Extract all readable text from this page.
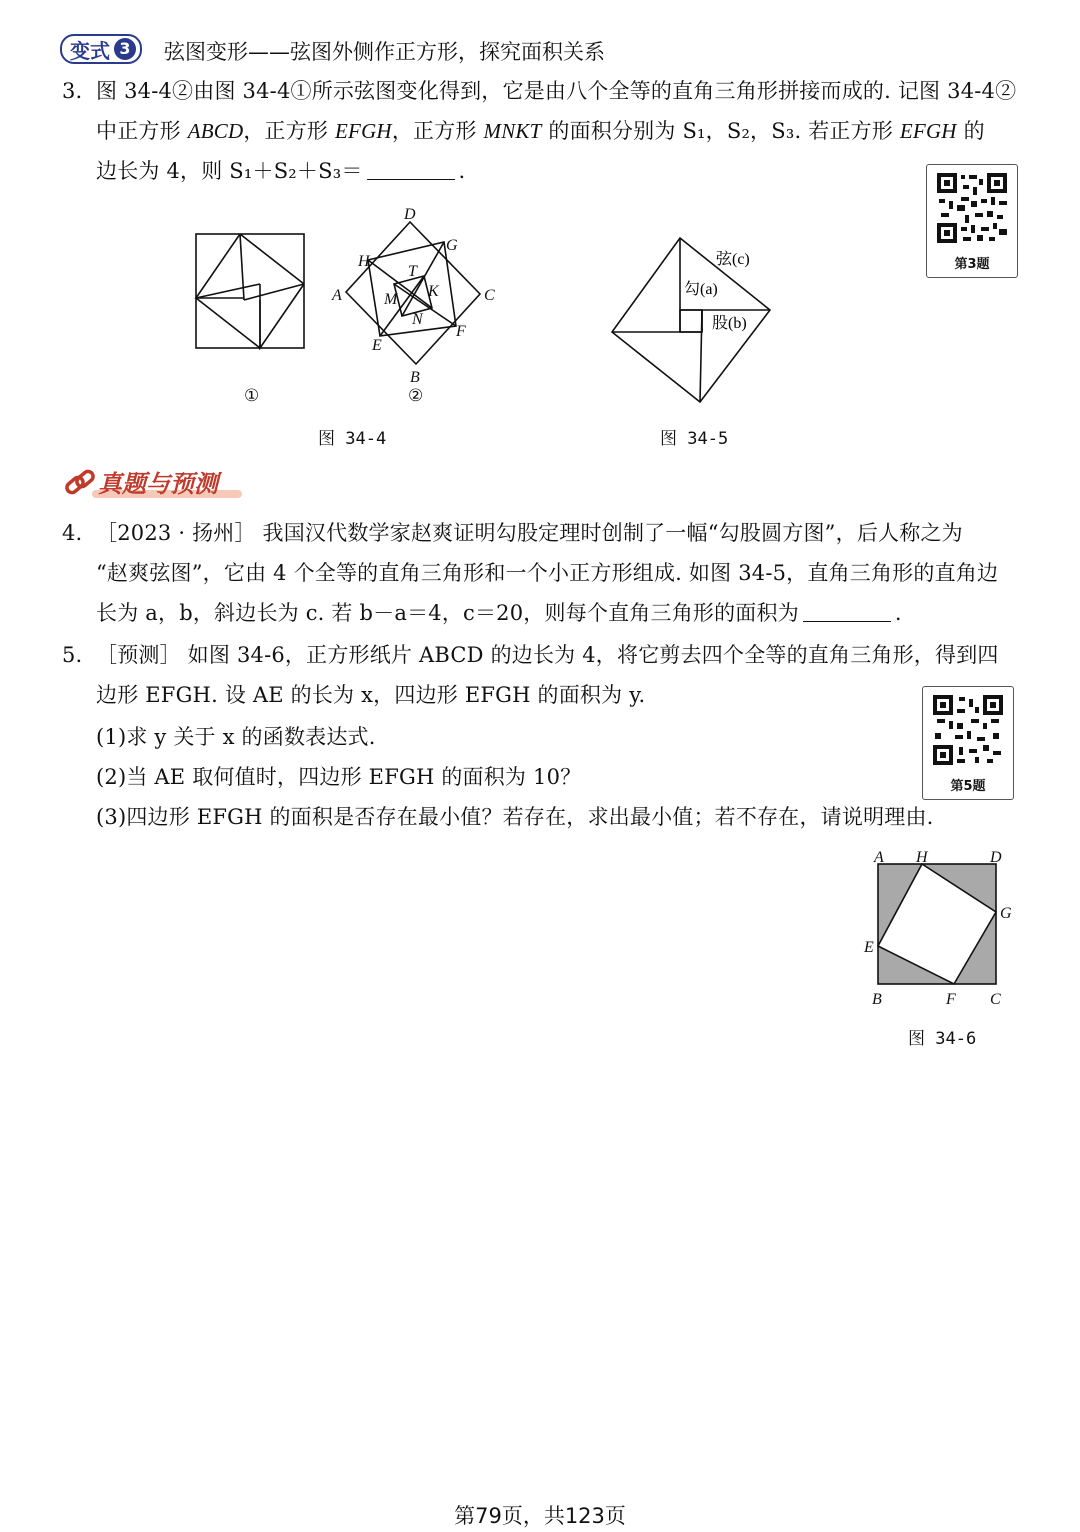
变式 3 弦图变形——弦图外侧作正方形，探究面积关系
3. 图 34-4②由图 34-4①所示弦图变化得到，它是由八个全等的直角三角形拼接而成的. 记图 34-4②
中正方形 ABCD，正方形 EFGH，正方形 MNKT 的面积分别为 S₁，S₂，S₃. 若正方形 EFGH 的
边长为 4，则 S₁＋S₂＋S₃＝	.
第3题
①
D
G
H
T
A	K	C
M
N
F
E
B
②
图 34-4
弦(c)
勾(a)
股(b)
图 34-5
真题与预测
4. ［2023 · 扬州］ 我国汉代数学家赵爽证明勾股定理时创制了一幅“勾股圆方图”，后人称之为
“赵爽弦图”，它由 4 个全等的直角三角形和一个小正方形组成. 如图 34-5，直角三角形的直角边
长为 a，b，斜边长为 c. 若 b－a＝4，c＝20，则每个直角三角形的面积为	.
5. ［预测］ 如图 34-6，正方形纸片 ABCD 的边长为 4，将它剪去四个全等的直角三角形，得到四
边形 EFGH. 设 AE 的长为 x，四边形 EFGH 的面积为 y.
(1)求 y 关于 x 的函数表达式.
(2)当 AE 取何值时，四边形 EFGH 的面积为 10？
(3)四边形 EFGH 的面积是否存在最小值？若存在，求出最小值；若不存在，请说明理由.
第5题
A H	D
G
E
B	F C
图 34-6
第79页，共123页
